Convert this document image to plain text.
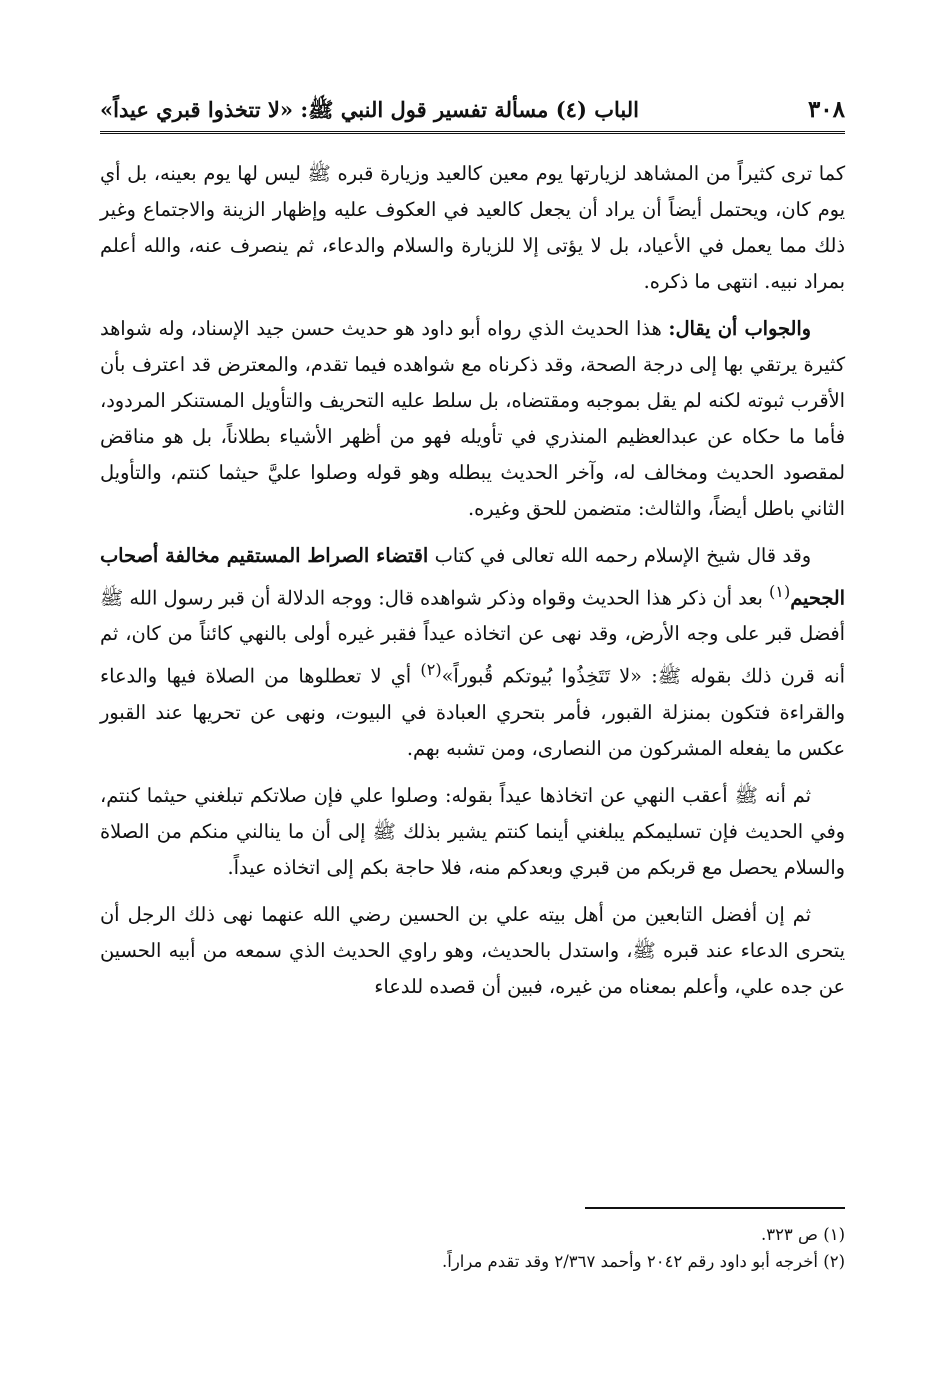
٣٠٨
الباب (٤) مسألة تفسير قول النبي ﷺ: «لا تتخذوا قبري عيداً»

كما ترى كثيراً من المشاهد لزيارتها يوم معين كالعيد وزيارة قبره ﷺ ليس لها يوم بعينه، بل أي يوم كان، ويحتمل أيضاً أن يراد أن يجعل كالعيد في العكوف عليه وإظهار الزينة والاجتماع وغير ذلك مما يعمل في الأعياد، بل لا يؤتى إلا للزيارة والسلام والدعاء، ثم ينصرف عنه، والله أعلم بمراد نبيه. انتهى ما ذكره.

والجواب أن يقال: هذا الحديث الذي رواه أبو داود هو حديث حسن جيد الإسناد، وله شواهد كثيرة يرتقي بها إلى درجة الصحة، وقد ذكرناه مع شواهده فيما تقدم، والمعترض قد اعترف بأن الأقرب ثبوته لكنه لم يقل بموجبه ومقتضاه، بل سلط عليه التحريف والتأويل المستنكر المردود، فأما ما حكاه عن عبدالعظيم المنذري في تأويله فهو من أظهر الأشياء بطلاناً، بل هو مناقض لمقصود الحديث ومخالف له، وآخر الحديث يبطله وهو قوله وصلوا عليَّ حيثما كنتم، والتأويل الثاني باطل أيضاً، والثالث: متضمن للحق وغيره.

وقد قال شيخ الإسلام رحمه الله تعالى في كتاب اقتضاء الصراط المستقيم مخالفة أصحاب الجحيم$^{(١)}$ بعد أن ذكر هذا الحديث وقواه وذكر شواهده قال: ووجه الدلالة أن قبر رسول الله ﷺ أفضل قبر على وجه الأرض، وقد نهى عن اتخاذه عيداً فقبر غيره أولى بالنهي كائناً من كان، ثم أنه قرن ذلك بقوله ﷺ: «لا تَتَخِذُوا بُيوتكم قُبوراً»$^{(٢)}$ أي لا تعطلوها من الصلاة فيها والدعاء والقراءة فتكون بمنزلة القبور، فأمر بتحري العبادة في البيوت، ونهى عن تحريها عند القبور عكس ما يفعله المشركون من النصارى، ومن تشبه بهم.

ثم أنه ﷺ أعقب النهي عن اتخاذها عيداً بقوله: وصلوا علي فإن صلاتكم تبلغني حيثما كنتم، وفي الحديث فإن تسليمكم يبلغني أينما كنتم يشير بذلك ﷺ إلى أن ما ينالني منكم من الصلاة والسلام يحصل مع قربكم من قبري وبعدكم منه، فلا حاجة بكم إلى اتخاذه عيداً.

ثم إن أفضل التابعين من أهل بيته علي بن الحسين رضي الله عنهما نهى ذلك الرجل أن يتحرى الدعاء عند قبره ﷺ، واستدل بالحديث، وهو راوي الحديث الذي سمعه من أبيه الحسين عن جده علي، وأعلم بمعناه من غيره، فبين أن قصده للدعاء

(١) ص ٣٢٣.

(٢) أخرجه أبو داود رقم ٢٠٤٢ وأحمد ٢/٣٦٧ وقد تقدم مراراً.
